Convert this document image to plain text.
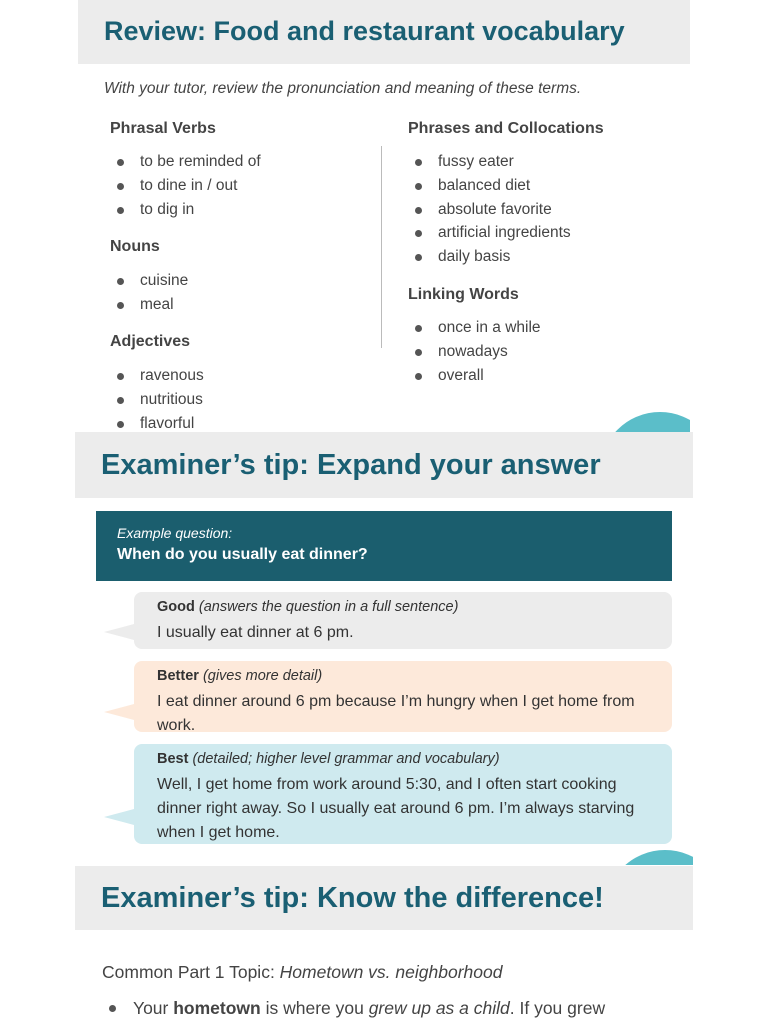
Review: Food and restaurant vocabulary
With your tutor, review the pronunciation and meaning of these terms.
Phrasal Verbs
to be reminded of
to dine in / out
to dig in
Nouns
cuisine
meal
Adjectives
ravenous
nutritious
flavorful
Phrases and Collocations
fussy eater
balanced diet
absolute favorite
artificial ingredients
daily basis
Linking Words
once in a while
nowadays
overall
Examiner’s tip: Expand your answer
Example question:
When do you usually eat dinner?
Good (answers the question in a full sentence)
I usually eat dinner at 6 pm.
Better (gives more detail)
I eat dinner around 6 pm because I’m hungry when I get home from work.
Best (detailed; higher level grammar and vocabulary)
Well, I get home from work around 5:30, and I often start cooking dinner right away. So I usually eat around 6 pm. I’m always starving when I get home.
Examiner’s tip: Know the difference!
Common Part 1 Topic: Hometown vs. neighborhood
Your hometown is where you grew up as a child. If you grew
